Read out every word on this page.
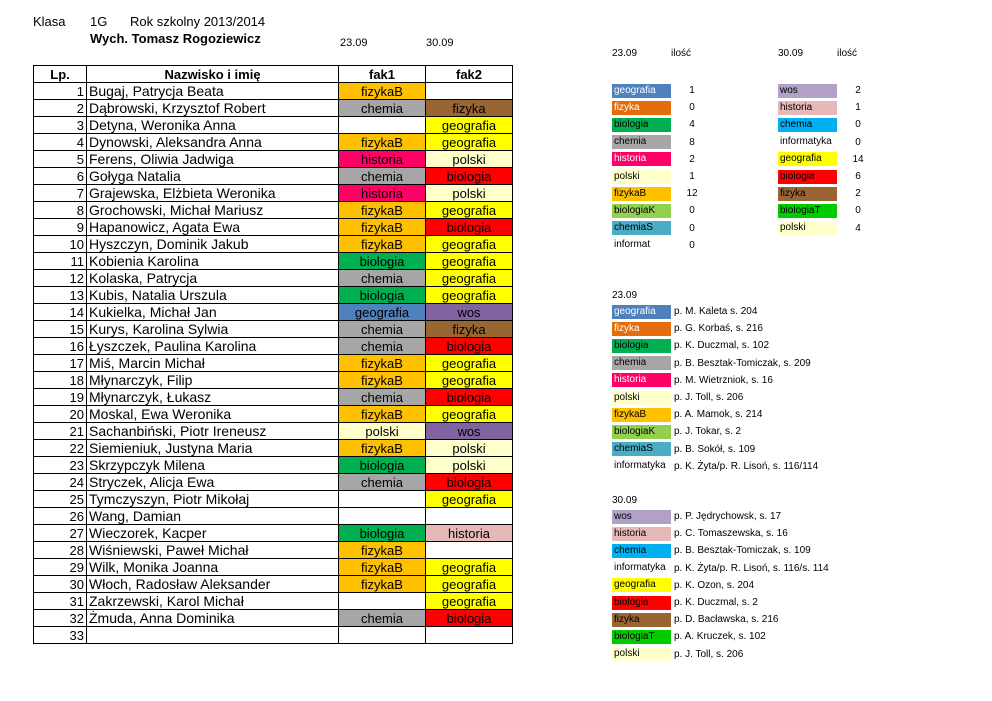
Klasa 1G Rok szkolny 2013/2014
Wych. Tomasz Rogoziewicz	23.09	30.09
Lp.	Nazwisko i imię	fak1	fak2
1	Bugaj, Patrycja Beata	fizykaB	
2	Dąbrowski, Krzysztof Robert	chemia	fizyka
3	Detyna, Weronika Anna		geografia
4	Dynowski, Aleksandra Anna	fizykaB	geografia
5	Ferens, Oliwia Jadwiga	historia	polski
6	Gołyga Natalia	chemia	biologia
7	Grajewska, Elżbieta Weronika	historia	polski
8	Grochowski, Michał Mariusz	fizykaB	geografia
9	Hapanowicz, Agata Ewa	fizykaB	biologia
10	Hyszczyn, Dominik Jakub	fizykaB	geografia
11	Kobienia Karolina	biologia	geografia
12	Kolaska, Patrycja	chemia	geografia
13	Kubis, Natalia Urszula	biologia	geografia
14	Kukielka, Michał Jan	geografia	wos
15	Kurys, Karolina Sylwia	chemia	fizyka
16	Łyszczek, Paulina Karolina	chemia	biologia
17	Miś, Marcin Michał	fizykaB	geografia
18	Młynarczyk, Filip	fizykaB	geografia
19	Młynarczyk, Łukasz	chemia	biologia
20	Moskal, Ewa Weronika	fizykaB	geografia
21	Sachanbiński, Piotr Ireneusz	polski	wos
22	Siemieniuk, Justyna Maria	fizykaB	polski
23	Skrzypczyk Milena	biologia	polski
24	Stryczek, Alicja Ewa	chemia	biologia
25	Tymczyszyn, Piotr Mikołaj		geografia
26	Wang, Damian		
27	Wieczorek, Kacper	biologia	historia
28	Wiśniewski, Paweł Michał	fizykaB	
29	Wilk, Monika Joanna	fizykaB	geografia
30	Włoch, Radosław Aleksander	fizykaB	geografia
31	Zakrzewski, Karol Michał		geografia
32	Żmuda, Anna Dominika	chemia	biologia
33			
23.09	ilość
geografia	1
fizyka	0
biologia	4
chemia	8
historia	2
polski	1
fizykaB	12
biologiaK	0
chemiaS	0
informat	0
30.09	ilość
wos	2
historia	1
chemia	0
informatyka	0
geografia	14
biologia	6
fizyka	2
biologiaT	0
polski	4
23.09
geografia	p. M. Kaleta s. 204
fizyka	p. G. Korbaś, s. 216
biologia	p. K. Duczmal, s. 102
chemia	p. B. Besztak-Tomiczak, s. 209
historia	p. M. Wietrzniok, s. 16
polski	p. J. Toll, s. 206
fizykaB	p. A. Mamok, s. 214
biologiaK	p. J. Tokar, s. 2
chemiaS	p. B. Sokół, s. 109
informatyka p. K. Żyta/p. R. Lisoń, s. 116/114
30.09
wos	p. P. Jędrychowsk, s. 17
historia	p. C. Tomaszewska, s. 16
chemia	p. B. Besztak-Tomiczak, s. 109
informatyka p. K. Żyta/p. R. Lisoń, s. 116/s. 114
geografia	p. K. Ozon, s. 204
biologia	p. K. Duczmal, s. 2
fizyka	p. D. Bacławska, s. 216
biologiaT	p. A. Kruczek, s. 102
polski	p. J. Toll, s. 206
